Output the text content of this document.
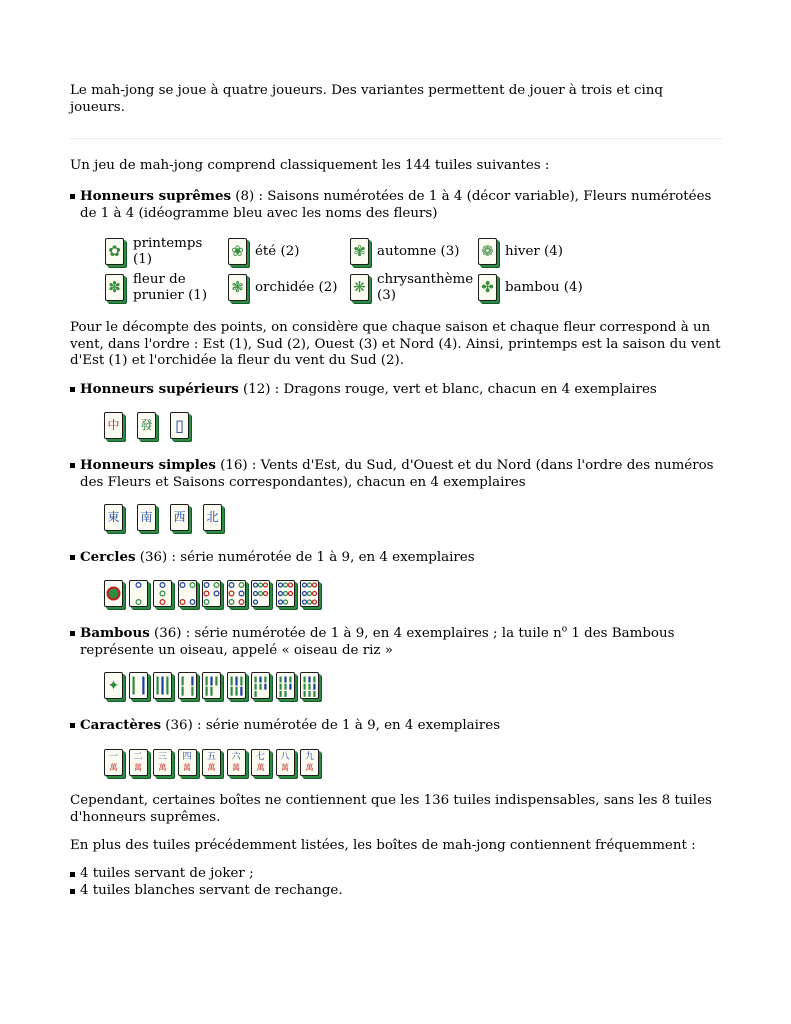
Le mah-jong se joue à quatre joueurs. Des variantes permettent de jouer à trois et cinq joueurs.

Un jeu de mah-jong comprend classiquement les 144 tuiles suivantes :

Honneurs suprêmes (8) : Saisons numérotées de 1 à 4 (décor variable), Fleurs numérotées de 1 à 4 (idéogramme bleu avec les noms des fleurs)
✿ printemps (1)	❀ été (2)	✾ automne (3) ❁ hiver (4)
✽ fleur de prunier (1)	❃ orchidée (2) ❋ chrysanthème (3)	✤ bambou (4)

Pour le décompte des points, on considère que chaque saison et chaque fleur correspond à un vent, dans l'ordre : Est (1), Sud (2), Ouest (3) et Nord (4). Ainsi, printemps est la saison du vent d'Est (1) et l'orchidée la fleur du vent du Sud (2).

Honneurs supérieurs (12) : Dragons rouge, vert et blanc, chacun en 4 exemplaires
中 發 ▯
Honneurs simples (16) : Vents d'Est, du Sud, d'Ouest et du Nord (dans l'ordre des numéros des Fleurs et Saisons correspondantes), chacun en 4 exemplaires
東 南 西 北
Cercles (36) : série numérotée de 1 à 9, en 4 exemplaires
Bambous (36) : série numérotée de 1 à 9, en 4 exemplaires ; la tuile $n^o$ 1 des Bambous représente un oiseau, appelé « oiseau de riz »
Caractères (36) : série numérotée de 1 à 9, en 4 exemplaires

Cependant, certaines boîtes ne contiennent que les 136 tuiles indispensables, sans les 8 tuiles d'honneurs suprêmes.

En plus des tuiles précédemment listées, les boîtes de mah-jong contiennent fréquemment :

4 tuiles servant de joker ;
4 tuiles blanches servant de rechange.
✦
一
萬
二
萬
三
萬
四
萬
五
萬
六
萬
七
萬
八
萬
九
萬
